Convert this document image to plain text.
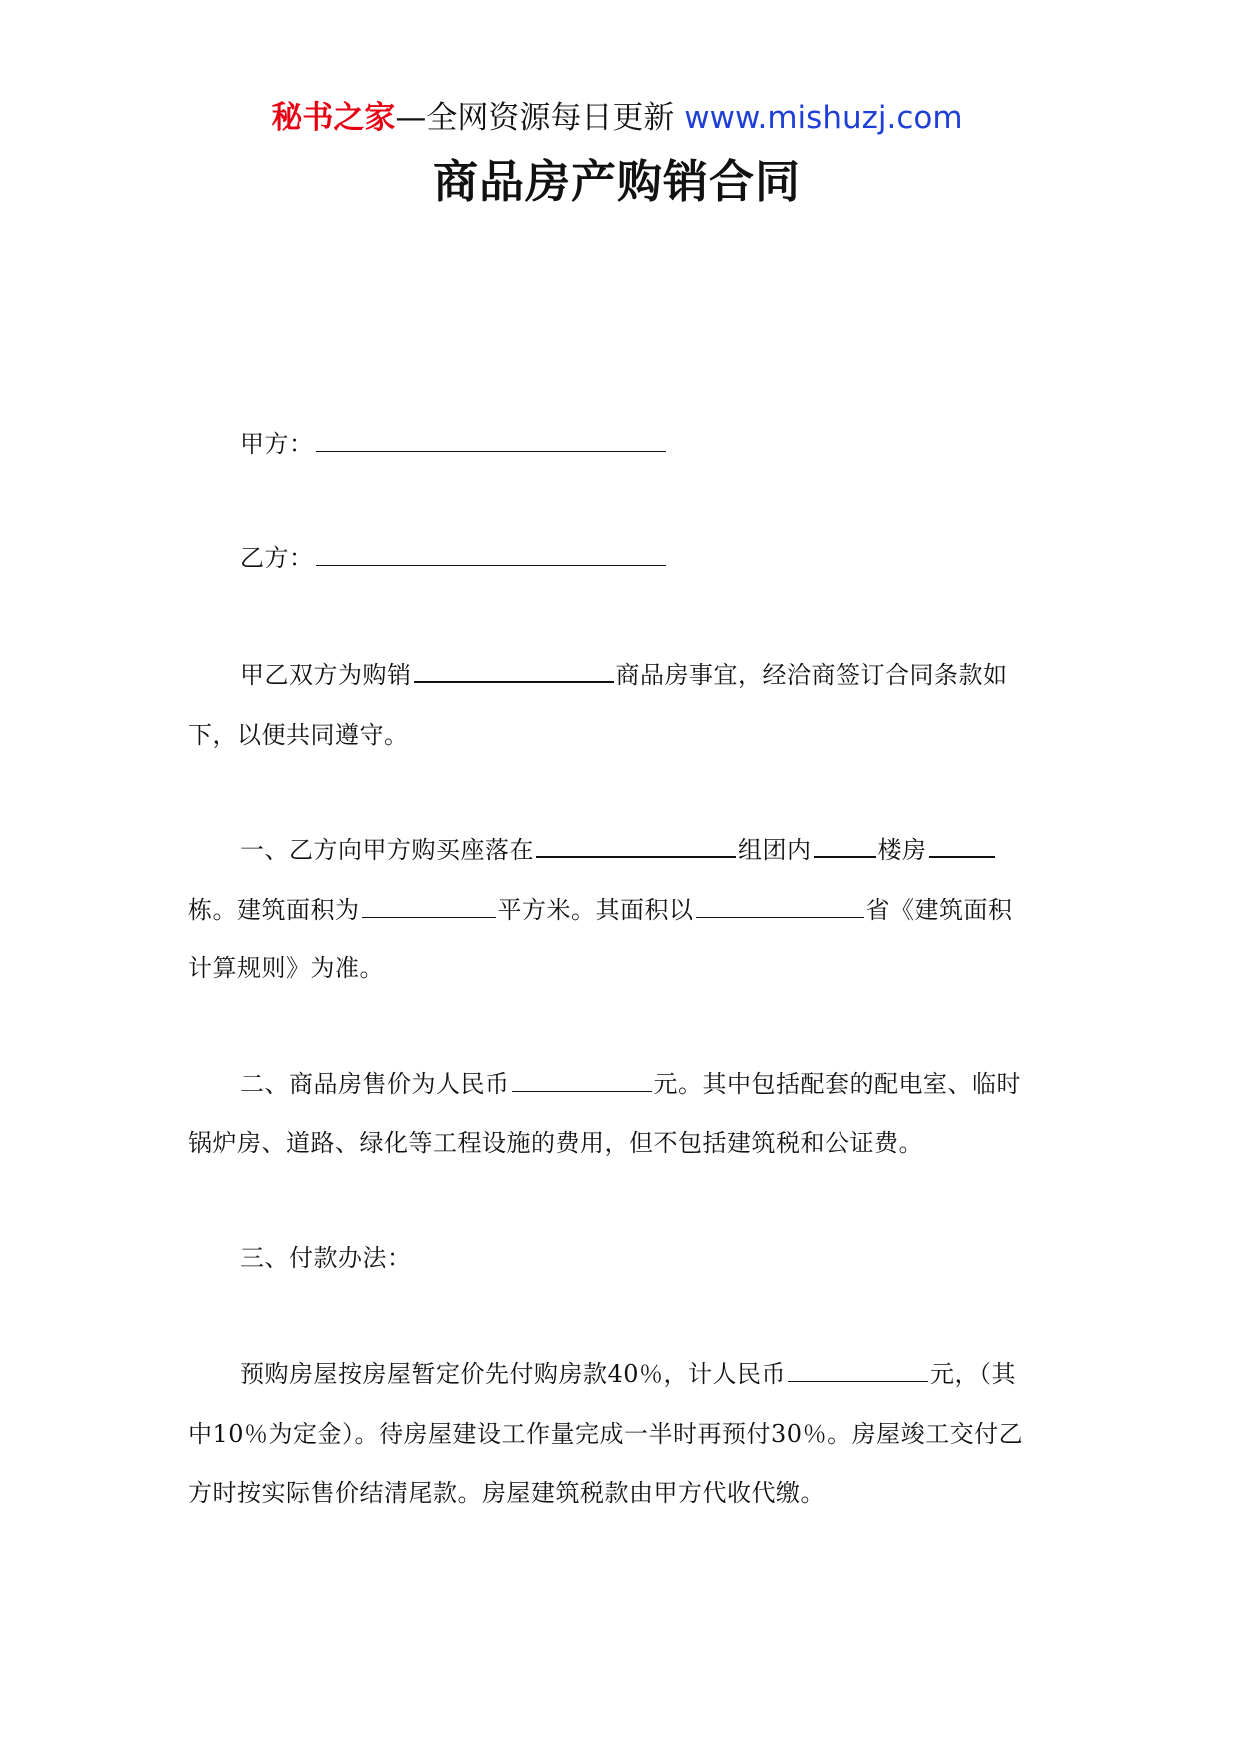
秘书之家—全网资源每日更新 www.mishuzj.com
商品房产购销合同
甲方：
乙方：
甲乙双方为购销	商品房事宜，经洽商签订合同条款如
下，以便共同遵守。
一、乙方向甲方购买座落在	组团内	楼房
栋。建筑面积为	平方米。其面积以	省《建筑面积
计算规则》为准。
二、商品房售价为人民币	元。其中包括配套的配电室、临时
锅炉房、道路、绿化等工程设施的费用，但不包括建筑税和公证费。
三、付款办法：
预购房屋按房屋暂定价先付购房款40％，计人民币	元，（其
中10％为定金）。待房屋建设工作量完成一半时再预付30％。房屋竣工交付乙
方时按实际售价结清尾款。房屋建筑税款由甲方代收代缴。
